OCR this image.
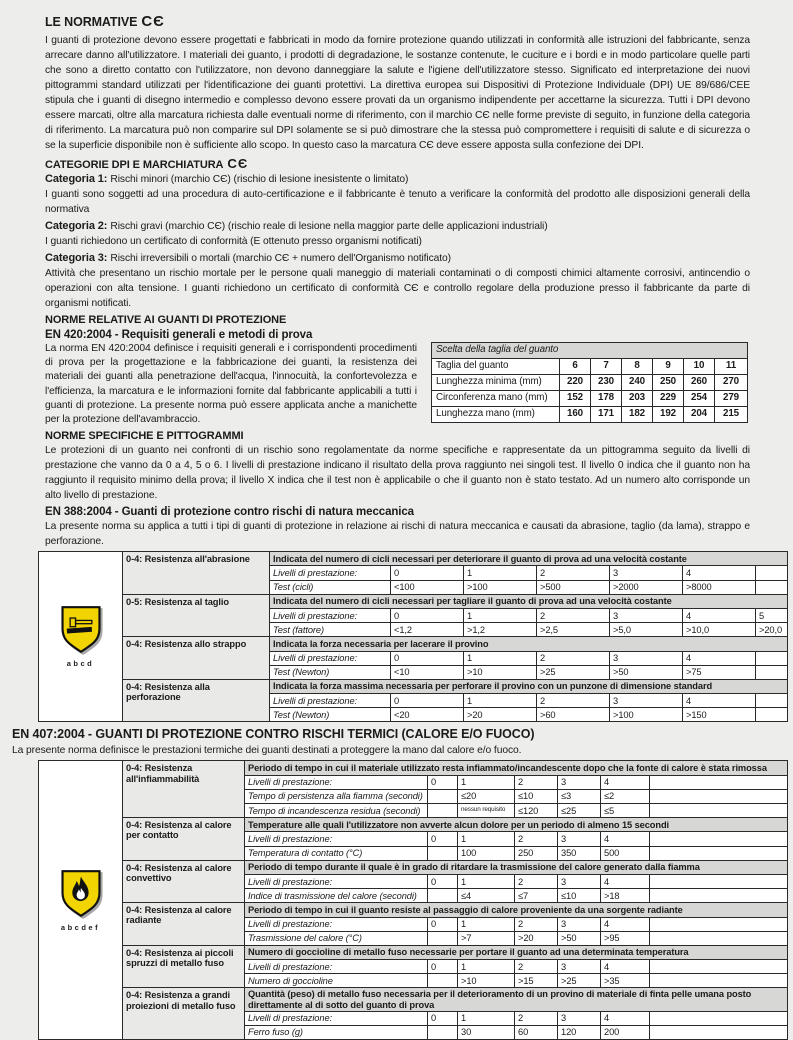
LE NORMATIVE CЄ

I guanti di protezione devono essere progettati e fabbricati in modo da fornire protezione quando utilizzati in conformità alle istruzioni del fabbricante, senza arrecare danno all'utilizzatore. I materiali dei guanto, i prodotti di degradazione, le sostanze contenute, le cuciture e i bordi e in modo particolare quelle parti che sono a diretto contatto con l'utilizzatore, non devono danneggiare la salute e l'igiene dell'utilizzatore stesso. Significato ed interpretazione dei nuovi pittogrammi standard utilizzati per l'identificazione dei guanti protettivi. La direttiva europea sui Dispositivi di Protezione Individuale (DPI) UE 89/686/CEE stipula che i guanti di disegno intermedio e complesso devono essere provati da un organismo indipendente per accettarne la sicurezza. Tutti i DPI devono essere marcati, oltre alla marcatura richiesta dalle eventuali norme di riferimento, con il marchio CЄ nelle forme previste di seguito, in funzione della categoria di riferimento. La marcatura può non comparire sul DPI solamente se si può dimostrare che la stessa può compromettere i requisiti di salute e di sicurezza o se la superficie disponibile non è sufficiente allo scopo. In questo caso la marcatura CЄ deve essere apposta sulla confezione dei DPI.

CATEGORIE DPI E MARCHIATURA CЄ

Categoria 1: Rischi minori (marchio CЄ) (rischio di lesione inesistente o limitato)

I guanti sono soggetti ad una procedura di auto-certificazione e il fabbricante è tenuto a verificare la conformità del prodotto alle disposizioni generali della normativa

Categoria 2: Rischi gravi (marchio CЄ) (rischio reale di lesione nella maggior parte delle applicazioni industriali)

I guanti richiedono un certificato di conformità (E ottenuto presso organismi notificati)

Categoria 3: Rischi irreversibili o mortali (marchio CЄ + numero dell'Organismo notificato)

Attività che presentano un rischio mortale per le persone quali maneggio di materiali contaminati o di composti chimici altamente corrosivi, antincendio o operazioni con alta tensione. I guanti richiedono un certificato di conformità CЄ e controllo regolare della produzione presso il fabbricante da parte di organismi notificati.

NORME RELATIVE AI GUANTI DI PROTEZIONE
EN 420:2004 - Requisiti generali e metodi di prova

La norma EN 420:2004 definisce i requisiti generali e i corrispondenti procedimenti di prova per la progettazione e la fabbricazione dei guanti, la resistenza dei materiali dei guanti alla penetrazione dell'acqua, l'innocuità, la confortevolezza e l'efficienza, la marcatura e le informazioni fornite dal fabbricante applicabili a tutti i guanti di protezione. La presente norma può essere applicata anche a manichette per la protezione dell'avambraccio.

Scelta della taglia del guanto						
Taglia del guanto	6	7	8	9	10	11
Lunghezza minima (mm)	220	230	240	250	260	270
Circonferenza mano (mm)	152	178	203	229	254	279
Lunghezza mano (mm)	160	171	182	192	204	215
NORME SPECIFICHE E PITTOGRAMMI

Le protezioni di un guanto nei confronti di un rischio sono regolamentate da norme specifiche e rappresentate da un pittogramma seguito da livelli di prestazione che vanno da 0 a 4, 5 o 6. I livelli di prestazione indicano il risultato della prova raggiunto nei singoli test. Il livello 0 indica che il guanto non ha raggiunto il requisito minimo della prova; il livello X indica che il test non è applicabile o che il guanto non è stato testato. Ad un numero alto corrisponde un alto livello di prestazione.

EN 388:2004 - Guanti di protezione contro rischi di natura meccanica

La presente norma su applica a tutti i tipi di guanti di protezione in relazione ai rischi di natura meccanica e causati da abrasione, taglio (da lama), strappo e perforazione.

abcd	0-4: Resistenza all'abrasione	Indicata del numero di cicli necessari per deteriorare il guanto di prova ad una velocità costante						
		Livelli di prestazione:	0	1	2	3	4	
		Test (cicli)	<100	>100	>500	>2000	>8000	
	0-5: Resistenza al taglio	Indicata del numero di cicli necessari per tagliare il guanto di prova ad una velocità costante						
		Livelli di prestazione:	0	1	2	3	4	5
		Test (fattore)	<1,2	>1,2	>2,5	>5,0	>10,0	>20,0
	0-4: Resistenza allo strappo	Indicata la forza necessaria per lacerare il provino						
		Livelli di prestazione:	0	1	2	3	4	
		Test (Newton)	<10	>10	>25	>50	>75	
	0-4: Resistenza alla perforazione	Indicata la forza massima necessaria per perforare il provino con un punzone di dimensione standard						
		Livelli di prestazione:	0	1	2	3	4	
		Test (Newton)	<20	>20	>60	>100	>150	
EN 407:2004 - GUANTI DI PROTEZIONE CONTRO RISCHI TERMICI (CALORE E/O FUOCO)

La presente norma definisce le prestazioni termiche dei guanti destinati a proteggere la mano dal calore e/o fuoco.

abcdef	0-4: Resistenza all'infiammabilità	Periodo di tempo in cui il materiale utilizzato resta infiammato/incandescente dopo che la fonte di calore è stata rimossa						
		Livelli di prestazione:	0	1	2	3	4	
		Tempo di persistenza alla fiamma (secondi)		≤20	≤10	≤3	≤2	
		Tempo di incandescenza residua (secondi)		nessun requisito	≤120	≤25	≤5	
	0-4: Resistenza al calore per contatto	Temperature alle quali l'utilizzatore non avverte alcun dolore per un periodo di almeno 15 secondi						
		Livelli di prestazione:	0	1	2	3	4	
		Temperatura di contatto (°C)		100	250	350	500	
	0-4: Resistenza al calore convettivo	Periodo di tempo durante il quale è in grado di ritardare la trasmissione del calore generato dalla fiamma						
		Livelli di prestazione:	0	1	2	3	4	
		Indice di trasmissione del calore (secondi)		≤4	≤7	≤10	>18	
	0-4: Resistenza al calore radiante	Periodo di tempo in cui il guanto resiste al passaggio di calore proveniente da una sorgente radiante						
		Livelli di prestazione:	0	1	2	3	4	
		Trasmissione del calore (°C)		>7	>20	>50	>95	
	0-4: Resistenza ai piccoli spruzzi di metallo fuso	Numero di goccioline di metallo fuso necessarie per portare il guanto ad una determinata temperatura						
		Livelli di prestazione:	0	1	2	3	4	
		Numero di goccioline		>10	>15	>25	>35	
	0-4: Resistenza a grandi proiezioni di metallo fuso	Quantità (peso) di metallo fuso necessaria per il deterioramento di un provino di materiale di finta pelle umana posto direttamente al di sotto del guanto di prova						
		Livelli di prestazione:	0	1	2	3	4	
		Ferro fuso (g)		30	60	120	200	
